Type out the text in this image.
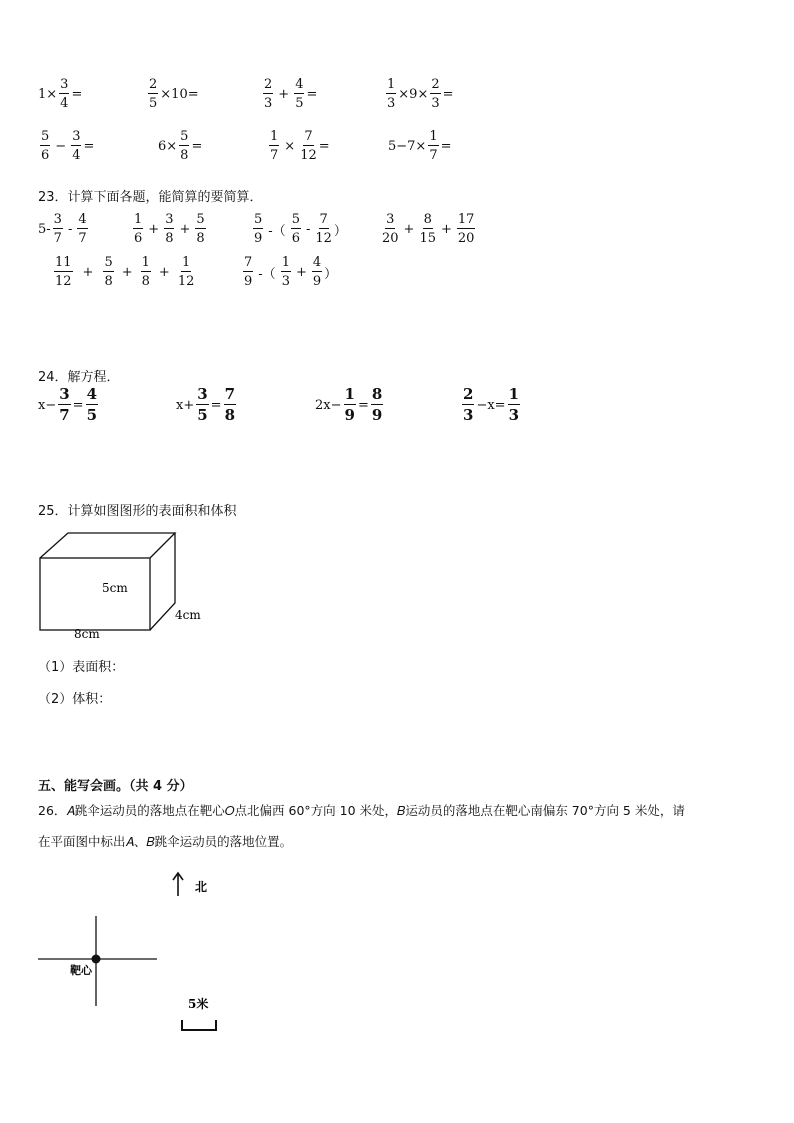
$1\times \frac{3}{4}$ =	$\frac{2}{5} \times 10=$	$\frac{2}{3} + \frac{4}{5}$ =	$\frac{1}{3} \times 9\times \frac{2}{3}$ =
$\frac{5}{6} - \frac{3}{4}$ =	$6\times \frac{5}{8}$ =	$\frac{1}{7} \times \frac{7}{12}$ =	$5-7\times \frac{1}{7}$ =
23．计算下面各题，能简算的要简算．
$5- \frac{3}{7} - \frac{4}{7}$	$\frac{1}{6} + \frac{3}{8} + \frac{5}{8}$	$\frac{5}{9}$ -（ $\frac{5}{6} - \frac{7}{12}$ ）	$\frac{3}{20} + \frac{8}{15} + \frac{17}{20}$
$\frac{11}{12} + \frac{5}{8} + \frac{1}{8} + \frac{1}{12}$	$\frac{7}{9}$ -（ $\frac{1}{3} + \frac{4}{9}$ ）
24．解方程．
$x- \frac{3}{7} = \frac{4}{5}$	$x+ \frac{3}{5} = \frac{7}{8}$	$2x- \frac{1}{9} = \frac{8}{9}$	$\frac{2}{3} -x= \frac{1}{3}$
25．计算如图图形的表面积和体积
5cm
4cm
8cm
（1）表面积：
（2）体积：
五、能写会画。（共 4 分）
26．𝐴跳伞运动员的落地点在靶心𝑂点北偏西 60°方向 10 米处，𝐵运动员的落地点在靶心南偏东 70°方向 5 米处，请
在平面图中标出𝐴、𝐵跳伞运动员的落地位置。
北
靶心
5米
